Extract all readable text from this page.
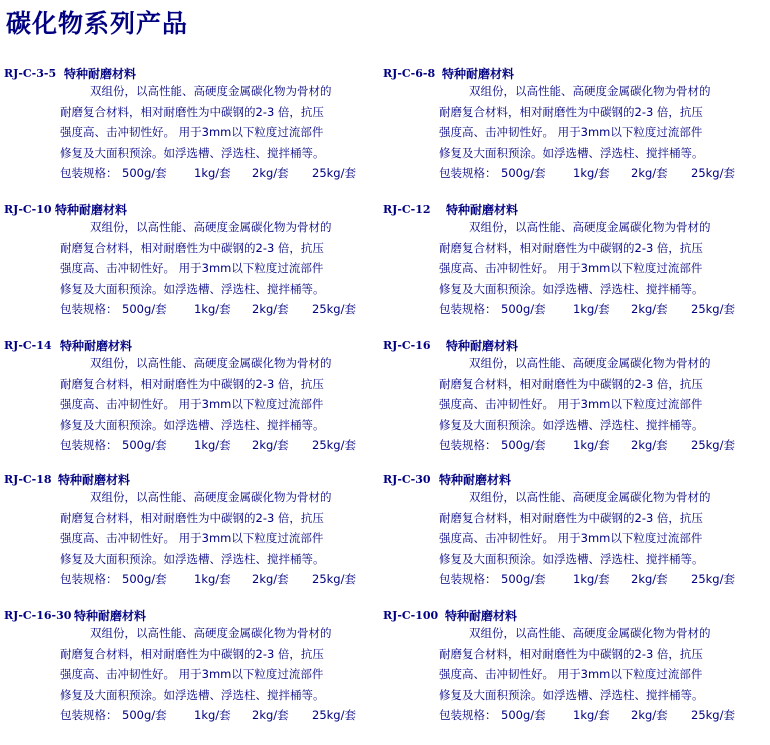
碳化物系列产品
RJ-C-3-5 特种耐磨材料
双组份，以高性能、高硬度金属碳化物为骨材的
耐磨复合材料，相对耐磨性为中碳钢的2-3 倍，抗压
强度高、击冲韧性好。 用于3mm以下粒度过流部件
修复及大面积预涂。如浮选槽、浮选柱、搅拌桶等。
包装规格： 500g/套	1kg/套	2kg/套	25kg/套
RJ-C-6-8 特种耐磨材料
双组份，以高性能、高硬度金属碳化物为骨材的
耐磨复合材料，相对耐磨性为中碳钢的2-3 倍，抗压
强度高、击冲韧性好。 用于3mm以下粒度过流部件
修复及大面积预涂。如浮选槽、浮选柱、搅拌桶等。
包装规格： 500g/套	1kg/套	2kg/套	25kg/套
RJ-C-10 特种耐磨材料
双组份，以高性能、高硬度金属碳化物为骨材的
耐磨复合材料，相对耐磨性为中碳钢的2-3 倍，抗压
强度高、击冲韧性好。 用于3mm以下粒度过流部件
修复及大面积预涂。如浮选槽、浮选柱、搅拌桶等。
包装规格： 500g/套	1kg/套	2kg/套	25kg/套
RJ-C-12 特种耐磨材料
双组份，以高性能、高硬度金属碳化物为骨材的
耐磨复合材料，相对耐磨性为中碳钢的2-3 倍，抗压
强度高、击冲韧性好。 用于3mm以下粒度过流部件
修复及大面积预涂。如浮选槽、浮选柱、搅拌桶等。
包装规格： 500g/套	1kg/套	2kg/套	25kg/套
RJ-C-14 特种耐磨材料
双组份，以高性能、高硬度金属碳化物为骨材的
耐磨复合材料，相对耐磨性为中碳钢的2-3 倍，抗压
强度高、击冲韧性好。 用于3mm以下粒度过流部件
修复及大面积预涂。如浮选槽、浮选柱、搅拌桶等。
包装规格： 500g/套	1kg/套	2kg/套	25kg/套
RJ-C-16 特种耐磨材料
双组份，以高性能、高硬度金属碳化物为骨材的
耐磨复合材料，相对耐磨性为中碳钢的2-3 倍，抗压
强度高、击冲韧性好。 用于3mm以下粒度过流部件
修复及大面积预涂。如浮选槽、浮选柱、搅拌桶等。
包装规格： 500g/套	1kg/套	2kg/套	25kg/套
RJ-C-18 特种耐磨材料
双组份，以高性能、高硬度金属碳化物为骨材的
耐磨复合材料，相对耐磨性为中碳钢的2-3 倍，抗压
强度高、击冲韧性好。 用于3mm以下粒度过流部件
修复及大面积预涂。如浮选槽、浮选柱、搅拌桶等。
包装规格： 500g/套	1kg/套	2kg/套	25kg/套
RJ-C-30 特种耐磨材料
双组份，以高性能、高硬度金属碳化物为骨材的
耐磨复合材料，相对耐磨性为中碳钢的2-3 倍，抗压
强度高、击冲韧性好。 用于3mm以下粒度过流部件
修复及大面积预涂。如浮选槽、浮选柱、搅拌桶等。
包装规格： 500g/套	1kg/套	2kg/套	25kg/套
RJ-C-16-30 特种耐磨材料
双组份，以高性能、高硬度金属碳化物为骨材的
耐磨复合材料，相对耐磨性为中碳钢的2-3 倍，抗压
强度高、击冲韧性好。 用于3mm以下粒度过流部件
修复及大面积预涂。如浮选槽、浮选柱、搅拌桶等。
包装规格： 500g/套	1kg/套	2kg/套	25kg/套
RJ-C-100 特种耐磨材料
双组份，以高性能、高硬度金属碳化物为骨材的
耐磨复合材料，相对耐磨性为中碳钢的2-3 倍，抗压
强度高、击冲韧性好。 用于3mm以下粒度过流部件
修复及大面积预涂。如浮选槽、浮选柱、搅拌桶等。
包装规格： 500g/套	1kg/套	2kg/套	25kg/套
